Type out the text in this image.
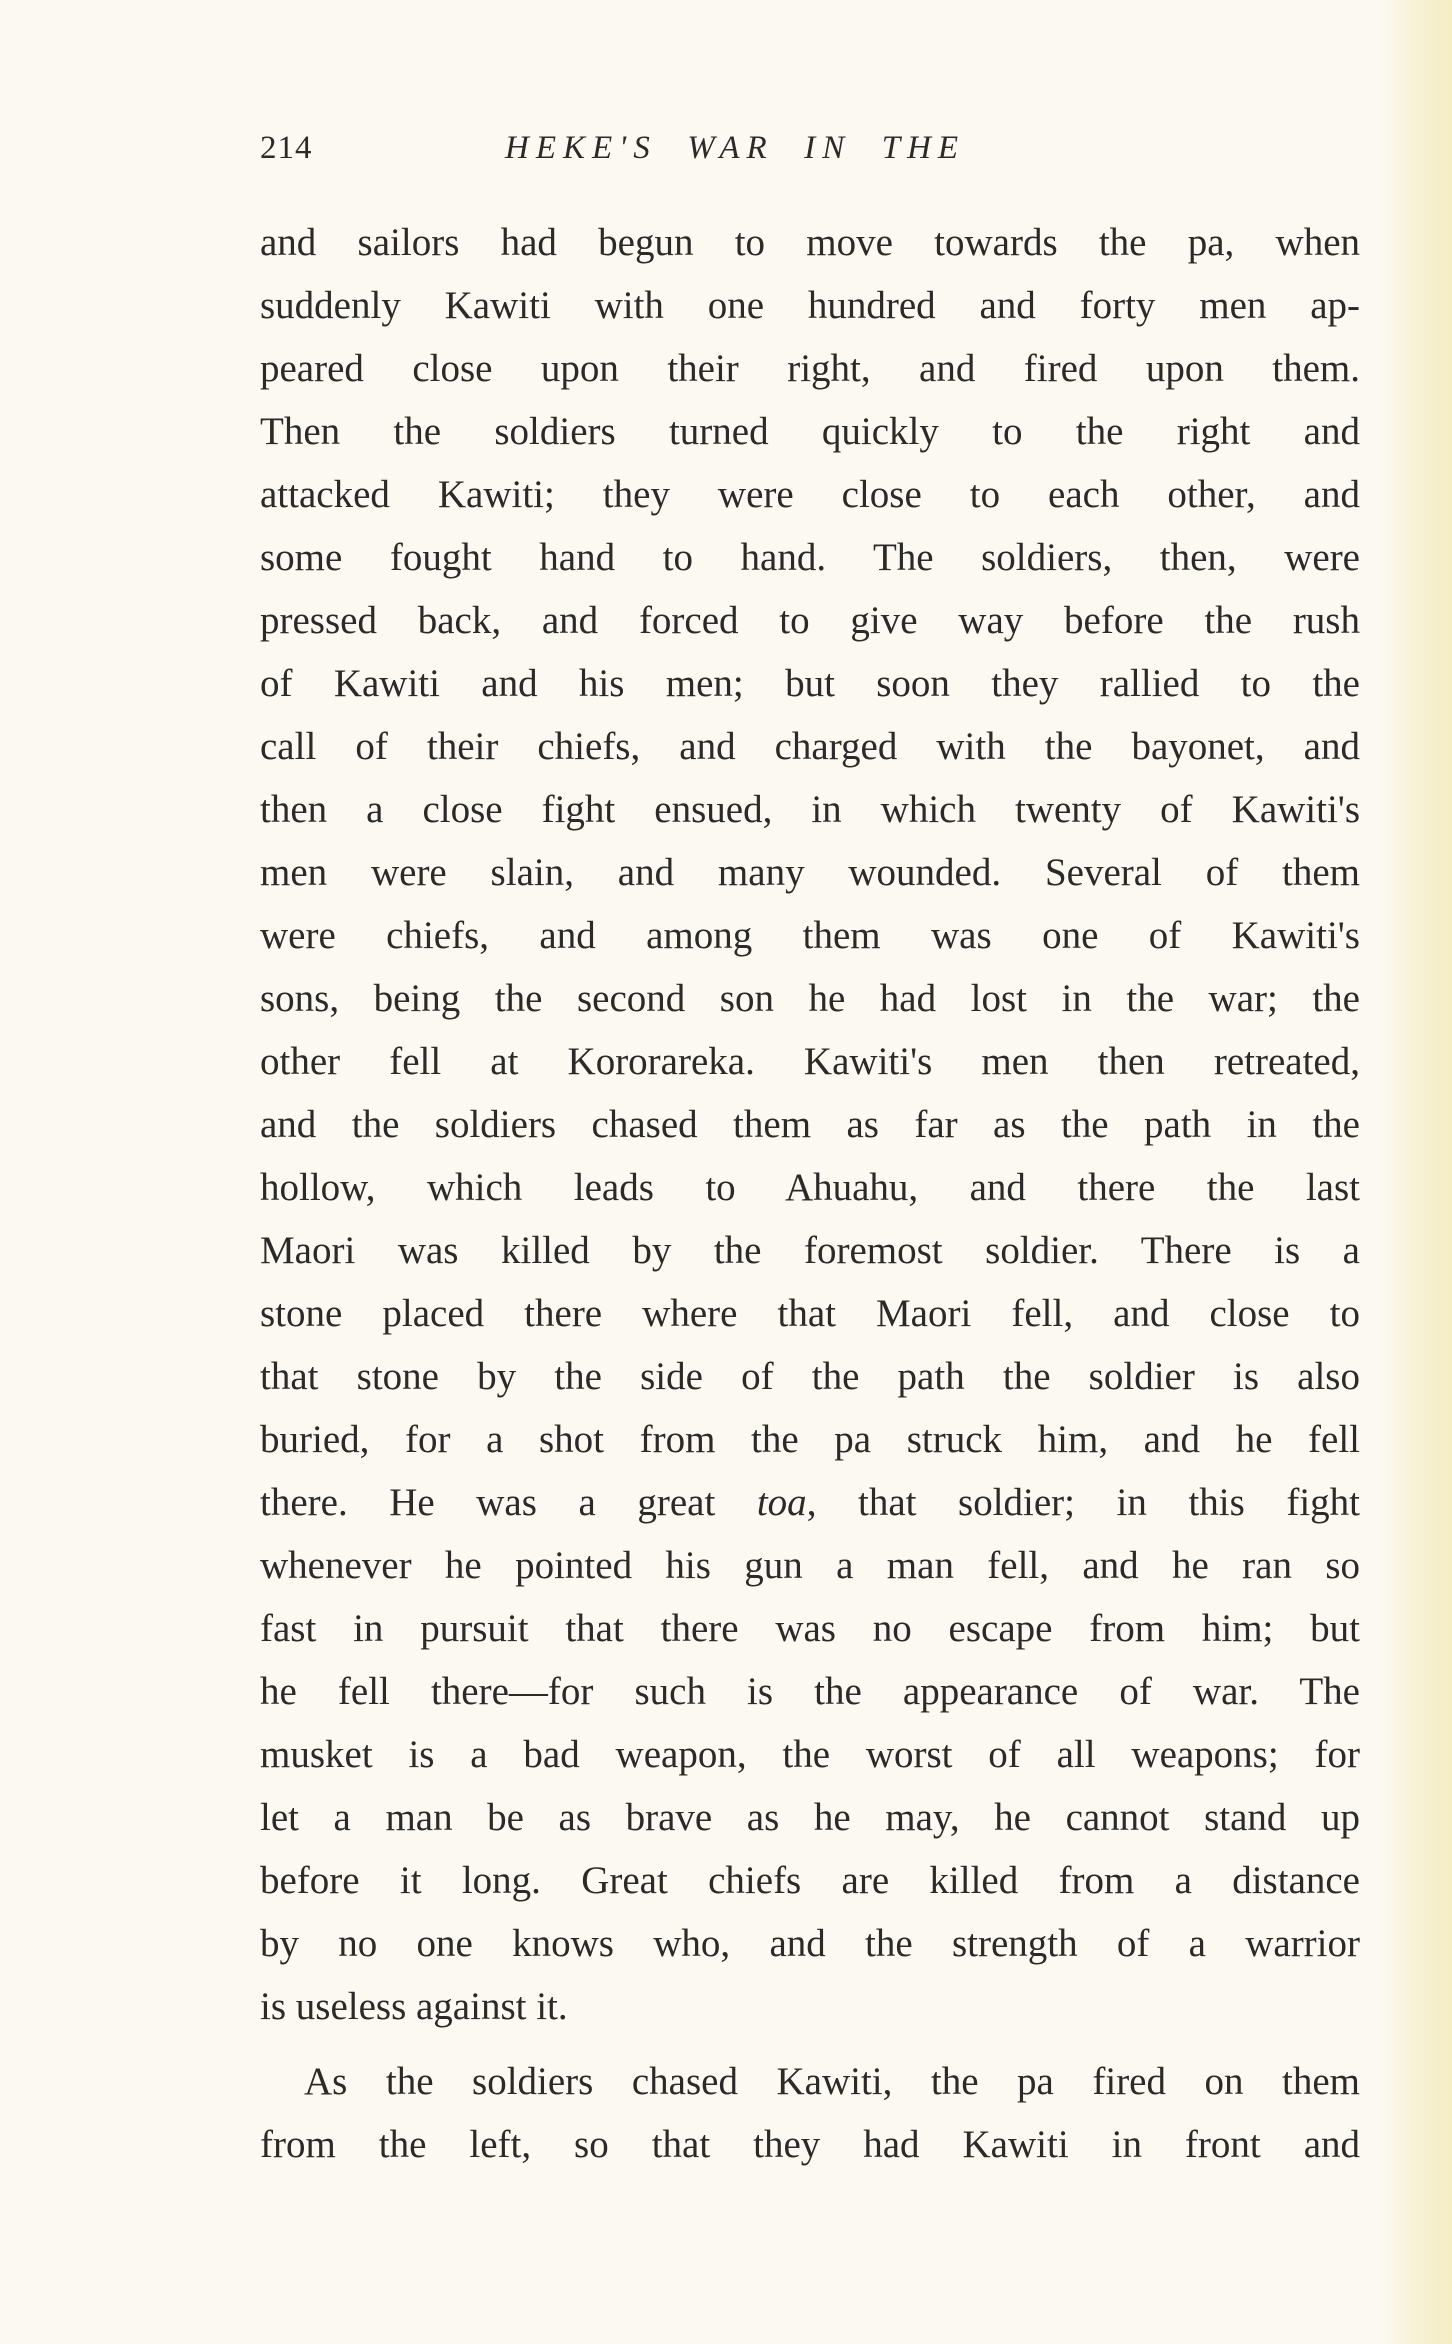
214	HEKE'S  WAR  IN  THE
and sailors had begun to move towards the pa, when
suddenly Kawiti with one hundred and forty men ap-
peared close upon their right, and fired upon them.
Then the soldiers turned quickly to the right and
attacked Kawiti; they were close to each other, and
some fought hand to hand. The soldiers, then, were
pressed back, and forced to give way before the rush
of Kawiti and his men; but soon they rallied to the
call of their chiefs, and charged with the bayonet, and
then a close fight ensued, in which twenty of Kawiti's
men were slain, and many wounded. Several of them
were chiefs, and among them was one of Kawiti's
sons, being the second son he had lost in the war; the
other fell at Kororareka. Kawiti's men then retreated,
and the soldiers chased them as far as the path in the
hollow, which leads to Ahuahu, and there the last
Maori was killed by the foremost soldier. There is a
stone placed there where that Maori fell, and close to
that stone by the side of the path the soldier is also
buried, for a shot from the pa struck him, and he fell
there. He was a great toa, that soldier; in this fight
whenever he pointed his gun a man fell, and he ran so
fast in pursuit that there was no escape from him; but
he fell there—for such is the appearance of war. The
musket is a bad weapon, the worst of all weapons; for
let a man be as brave as he may, he cannot stand up
before it long. Great chiefs are killed from a distance
by no one knows who, and the strength of a warrior
is useless against it.
As the soldiers chased Kawiti, the pa fired on them
from the left, so that they had Kawiti in front and
